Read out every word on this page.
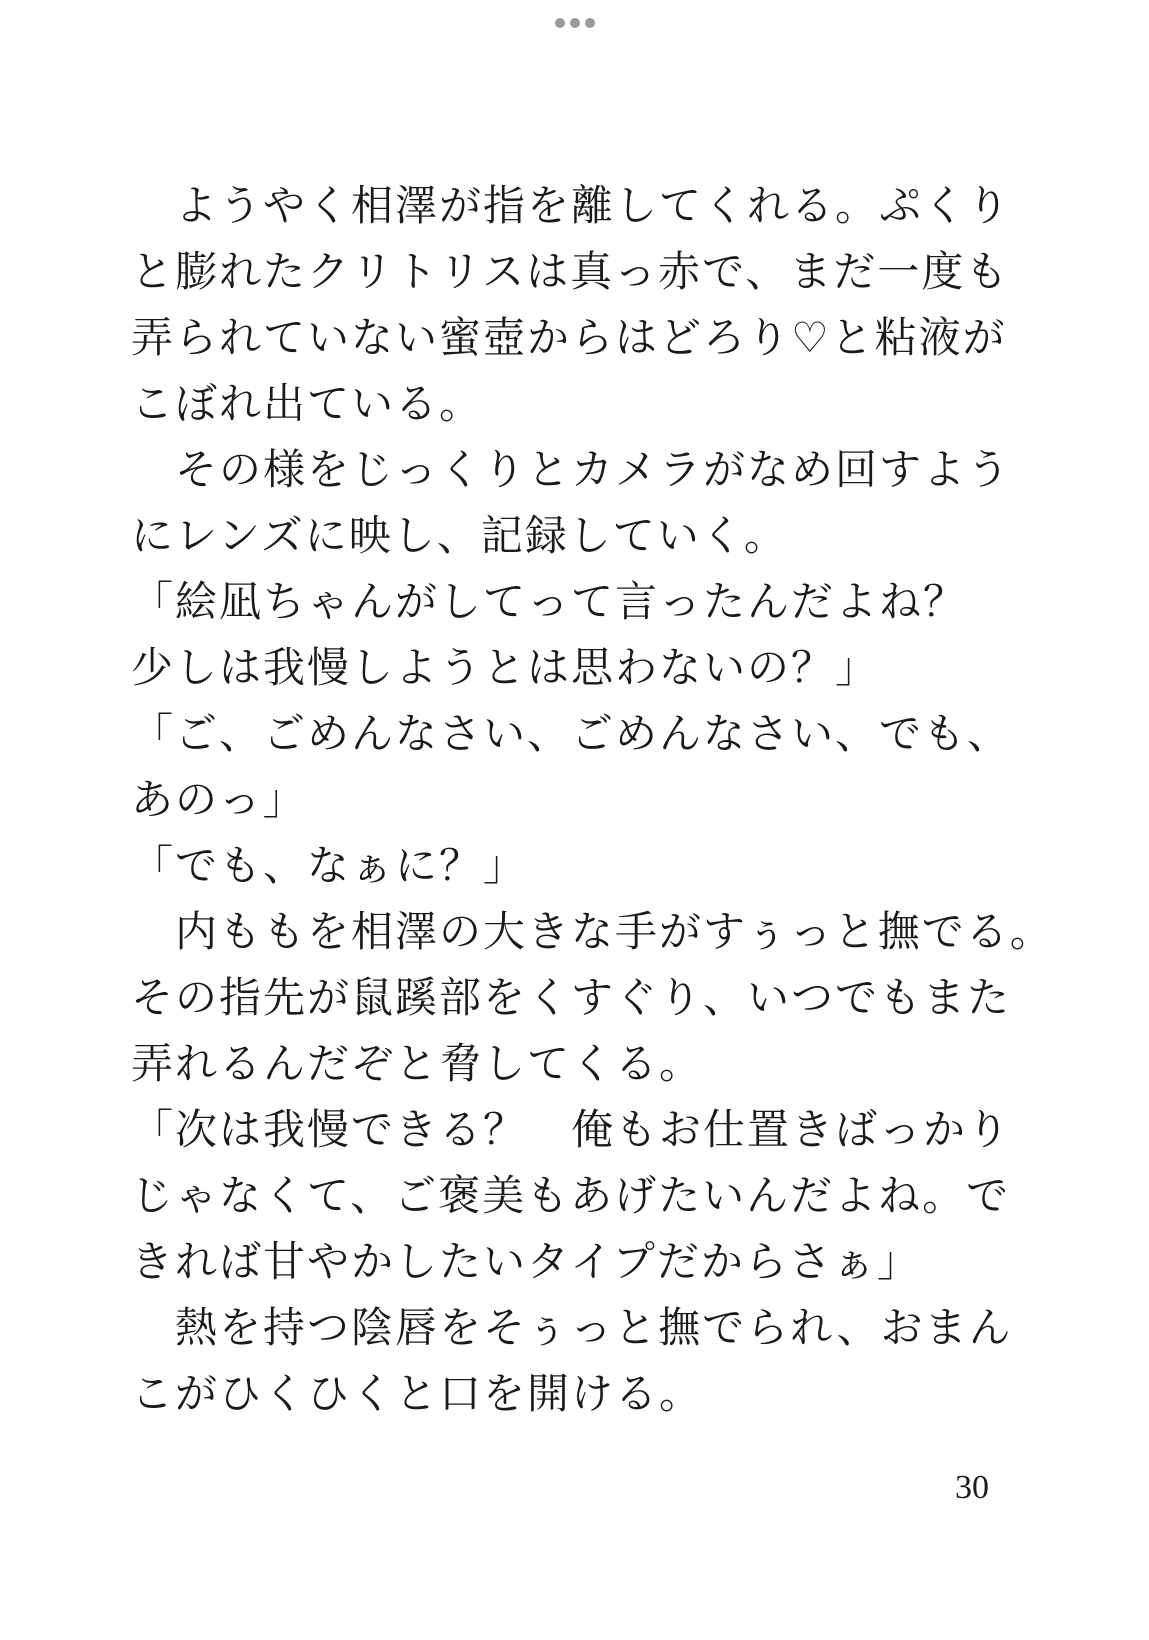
　ようやく相澤が指を離してくれる。ぷくり
と膨れたクリトリスは真っ赤で、まだ一度も
弄られていない蜜壺からはどろり♡と粘液が
こぼれ出ている。
　その様をじっくりとカメラがなめ回すよう
にレンズに映し、記録していく。
「絵凪ちゃんがしてって言ったんだよね？
少しは我慢しようとは思わないの？」
「ご、ごめんなさい、ごめんなさい、でも、
あのっ」
「でも、なぁに？」
　内ももを相澤の大きな手がすぅっと撫でる。
その指先が鼠蹊部をくすぐり、いつでもまた
弄れるんだぞと脅してくる。
「次は我慢できる？　俺もお仕置きばっかり
じゃなくて、ご褒美もあげたいんだよね。で
きれば甘やかしたいタイプだからさぁ」
　熱を持つ陰唇をそぅっと撫でられ、おまん
こがひくひくと口を開ける。
30
